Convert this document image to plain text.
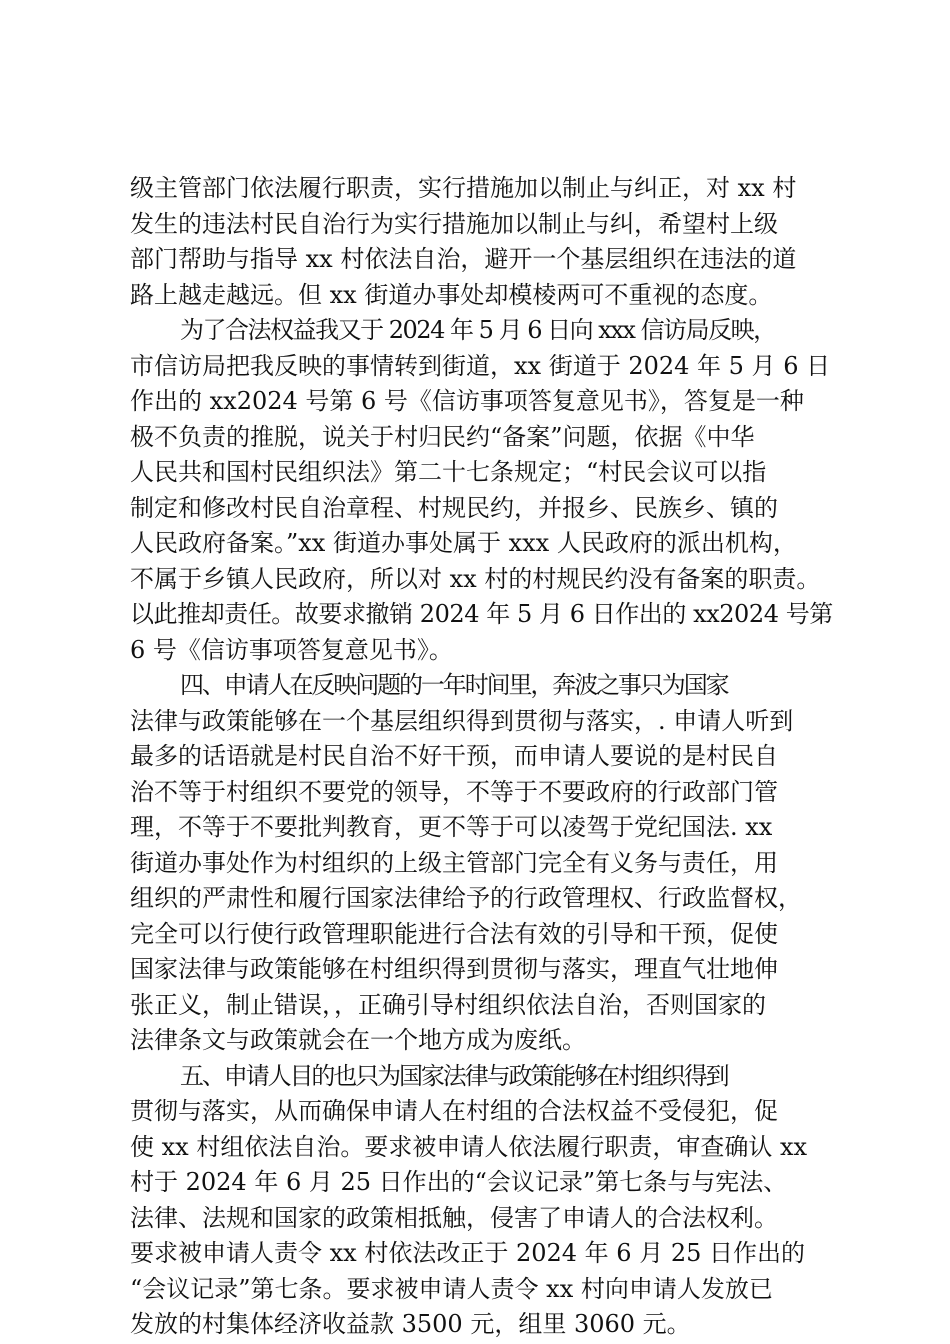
级主管部门依法履行职责，实行措施加以制止与纠正，对 xx 村
发生的违法村民自治行为实行措施加以制止与纠，希望村上级
部门帮助与指导 xx 村依法自治，避开一个基层组织在违法的道
路上越走越远。但 xx 街道办事处却模棱两可不重视的态度。
为了合法权益我又于 2024 年 5 月 6 日向 xxx 信访局反映，
市信访局把我反映的事情转到街道，xx 街道于 2024 年 5 月 6 日
作出的 xx2024 号第 6 号《信访事项答复意见书》，答复是一种
极不负责的推脱，说关于村归民约“备案”问题，依据《中华
人民共和国村民组织法》第二十七条规定；“村民会议可以指
制定和修改村民自治章程、村规民约，并报乡、民族乡、镇的
人民政府备案。”xx 街道办事处属于 xxx 人民政府的派出机构，
不属于乡镇人民政府，所以对 xx 村的村规民约没有备案的职责。
以此推却责任。故要求撤销 2024 年 5 月 6 日作出的 xx2024 号第
6 号《信访事项答复意见书》。
四、申请人在反映问题的一年时间里，奔波之事只为国家
法律与政策能够在一个基层组织得到贯彻与落实，. 申请人听到
最多的话语就是村民自治不好干预，而申请人要说的是村民自
治不等于村组织不要党的领导，不等于不要政府的行政部门管
理，不等于不要批判教育，更不等于可以凌驾于党纪国法. xx
街道办事处作为村组织的上级主管部门完全有义务与责任，用
组织的严肃性和履行国家法律给予的行政管理权、行政监督权，
完全可以行使行政管理职能进行合法有效的引导和干预，促使
国家法律与政策能够在村组织得到贯彻与落实，理直气壮地伸
张正义，制止错误，，正确引导村组织依法自治，否则国家的
法律条文与政策就会在一个地方成为废纸。
五、申请人目的也只为国家法律与政策能够在村组织得到
贯彻与落实，从而确保申请人在村组的合法权益不受侵犯，促
使 xx 村组依法自治。要求被申请人依法履行职责，审查确认 xx
村于 2024 年 6 月 25 日作出的“会议记录”第七条与与宪法、
法律、法规和国家的政策相抵触，侵害了申请人的合法权利。
要求被申请人责令 xx 村依法改正于 2024 年 6 月 25 日作出的
“会议记录”第七条。要求被申请人责令 xx 村向申请人发放已
发放的村集体经济收益款 3500 元，组里 3060 元。
